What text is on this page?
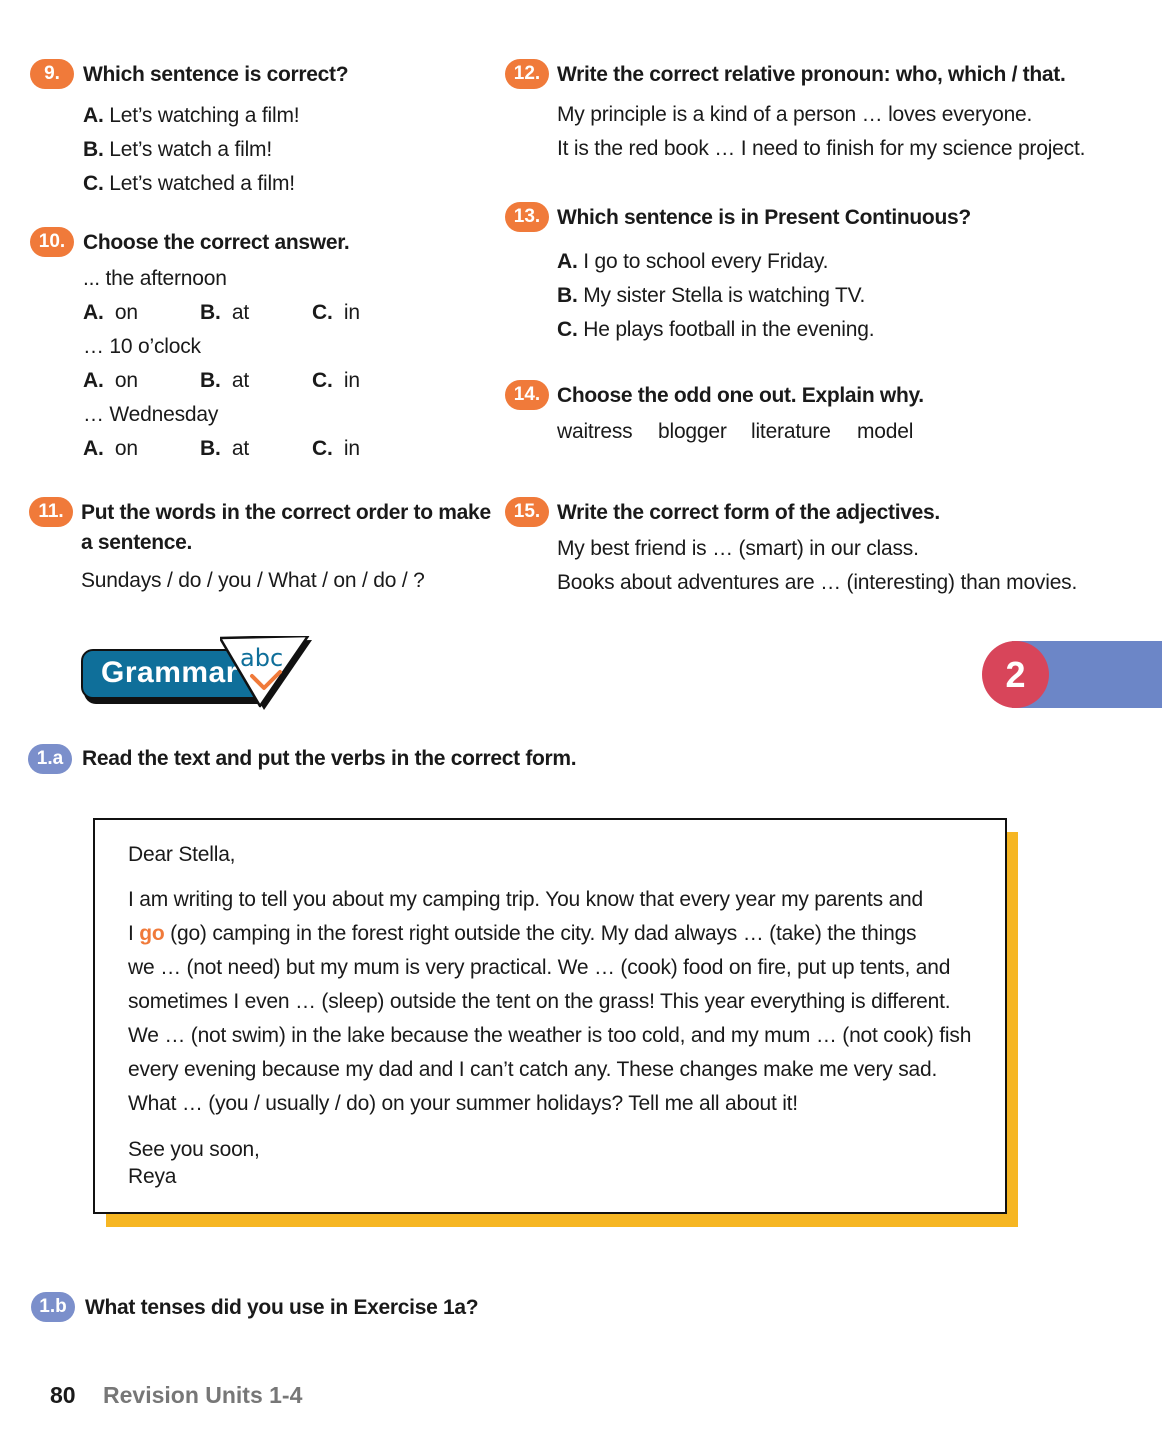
9.	Which sentence is correct?
A. Let’s watching a film!
B. Let’s watch a film!
C. Let’s watched a film!
10. Choose the correct answer.
... the afternoon
A. on	B. at	C. in
… 10 o’clock
A. on	B. at	C. in
… Wednesday
A. on	B. at	C. in
11. Put the words in the correct order to make
a sentence.
Sundays / do / you / What / on / do / ?
12. Write the correct relative pronoun: who, which / that.
My principle is a kind of a person … loves everyone.
It is the red book … I need to finish for my science project.
13. Which sentence is in Present Continuous?
A. I go to school every Friday.
B. My sister Stella is watching TV.
C. He plays football in the evening.
14. Choose the odd one out. Explain why.
waitress blogger literature model
15. Write the correct form of the adjectives.
My best friend is … (smart) in our class.
Books about adventures are … (interesting) than movies.
Grammar abc	2
1.a Read the text and put the verbs in the correct form.
Dear Stella,
I am writing to tell you about my camping trip. You know that every year my parents and
I go (go) camping in the forest right outside the city. My dad always … (take) the things
we … (not need) but my mum is very practical. We … (cook) food on fire, put up tents, and
sometimes I even … (sleep) outside the tent on the grass! This year everything is different.
We … (not swim) in the lake because the weather is too cold, and my mum … (not cook) fish
every evening because my dad and I can’t catch any. These changes make me very sad.
What … (you / usually / do) on your summer holidays? Tell me all about it!
See you soon,
Reya
1.b What tenses did you use in Exercise 1a?
80 Revision Units 1-4
